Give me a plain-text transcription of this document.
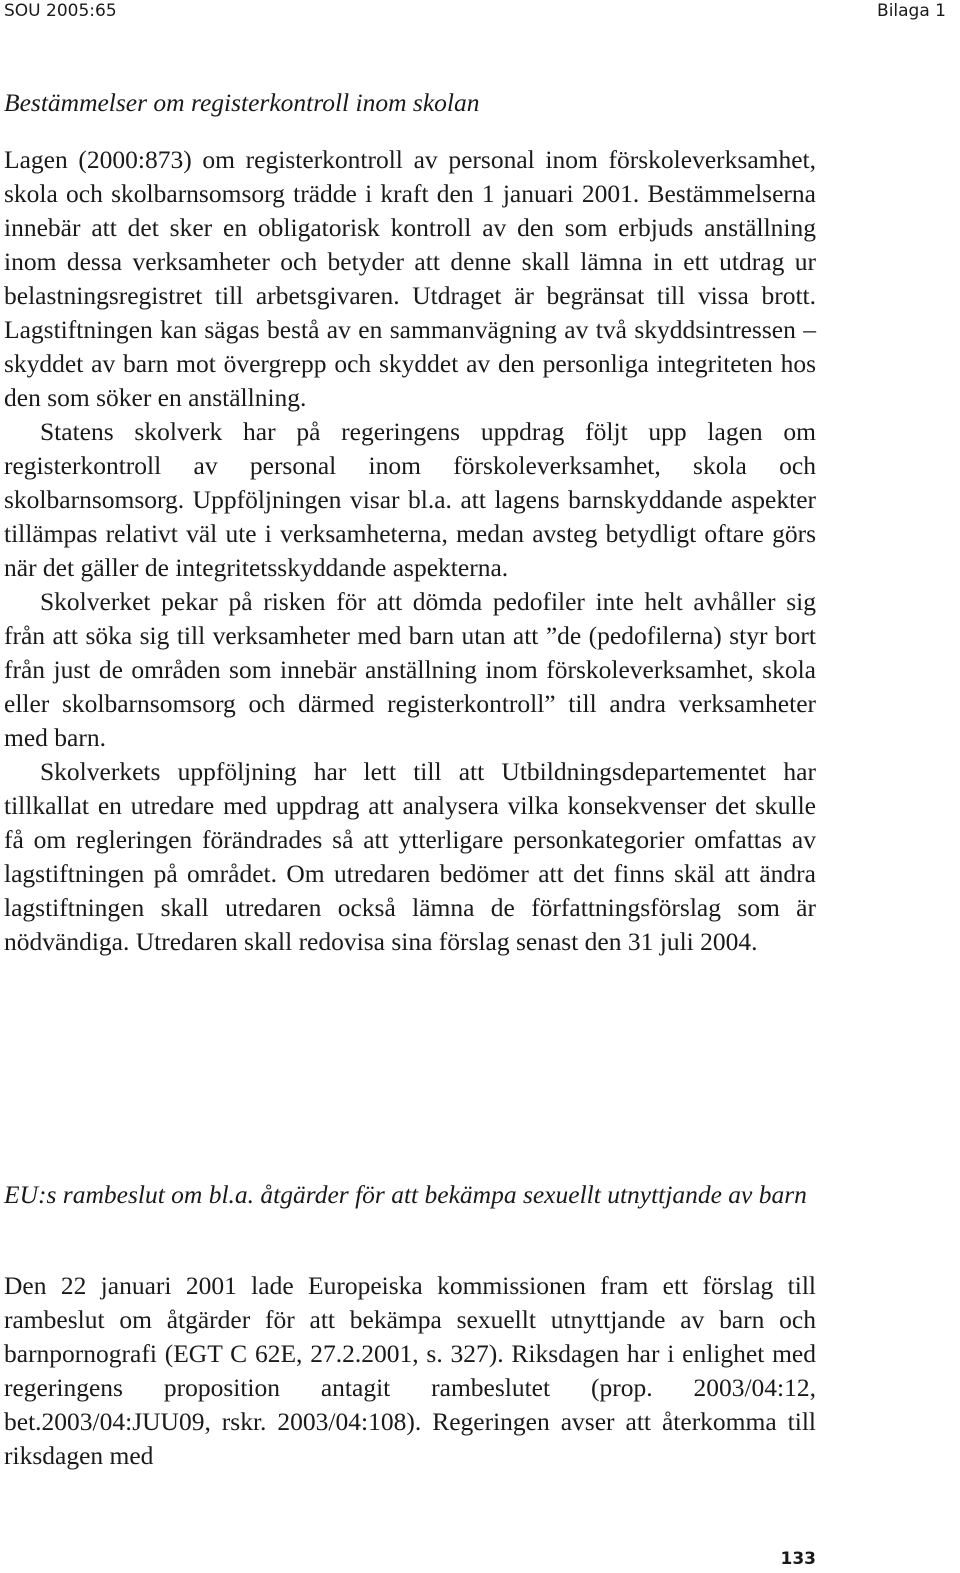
SOU 2005:65	Bilaga 1
Bestämmelser om registerkontroll inom skolan

Lagen (2000:873) om registerkontroll av personal inom förskoleverksamhet, skola och skolbarnsomsorg trädde i kraft den 1 januari 2001. Bestämmelserna innebär att det sker en obligatorisk kontroll av den som erbjuds anställning inom dessa verksamheter och betyder att denne skall lämna in ett utdrag ur belastningsregistret till arbetsgivaren. Utdraget är begränsat till vissa brott. Lagstiftningen kan sägas bestå av en sammanvägning av två skyddsintressen – skyddet av barn mot övergrepp och skyddet av den personliga integriteten hos den som söker en anställning.

Statens skolverk har på regeringens uppdrag följt upp lagen om registerkontroll av personal inom förskoleverksamhet, skola och skolbarnsomsorg. Uppföljningen visar bl.a. att lagens barnskyddande aspekter tillämpas relativt väl ute i verksamheterna, medan avsteg betydligt oftare görs när det gäller de integritetsskyddande aspekterna.

Skolverket pekar på risken för att dömda pedofiler inte helt avhåller sig från att söka sig till verksamheter med barn utan att ”de (pedofilerna) styr bort från just de områden som innebär anställning inom förskoleverksamhet, skola eller skolbarnsomsorg och därmed registerkontroll” till andra verksamheter med barn.

Skolverkets uppföljning har lett till att Utbildningsdepartementet har tillkallat en utredare med uppdrag att analysera vilka konsekvenser det skulle få om regleringen förändrades så att ytterligare personkategorier omfattas av lagstiftningen på området. Om utredaren bedömer att det finns skäl att ändra lagstiftningen skall utredaren också lämna de författningsförslag som är nödvändiga. Utredaren skall redovisa sina förslag senast den 31 juli 2004.

EU:s rambeslut om bl.a. åtgärder för att bekämpa sexuellt utnyttjande av barn

Den 22 januari 2001 lade Europeiska kommissionen fram ett förslag till rambeslut om åtgärder för att bekämpa sexuellt utnyttjande av barn och barnpornografi (EGT C 62E, 27.2.2001, s. 327). Riksdagen har i enlighet med regeringens proposition antagit rambeslutet (prop. 2003/04:12, bet.2003/04:JUU09, rskr. 2003/04:108). Regeringen avser att återkomma till riksdagen med

133
